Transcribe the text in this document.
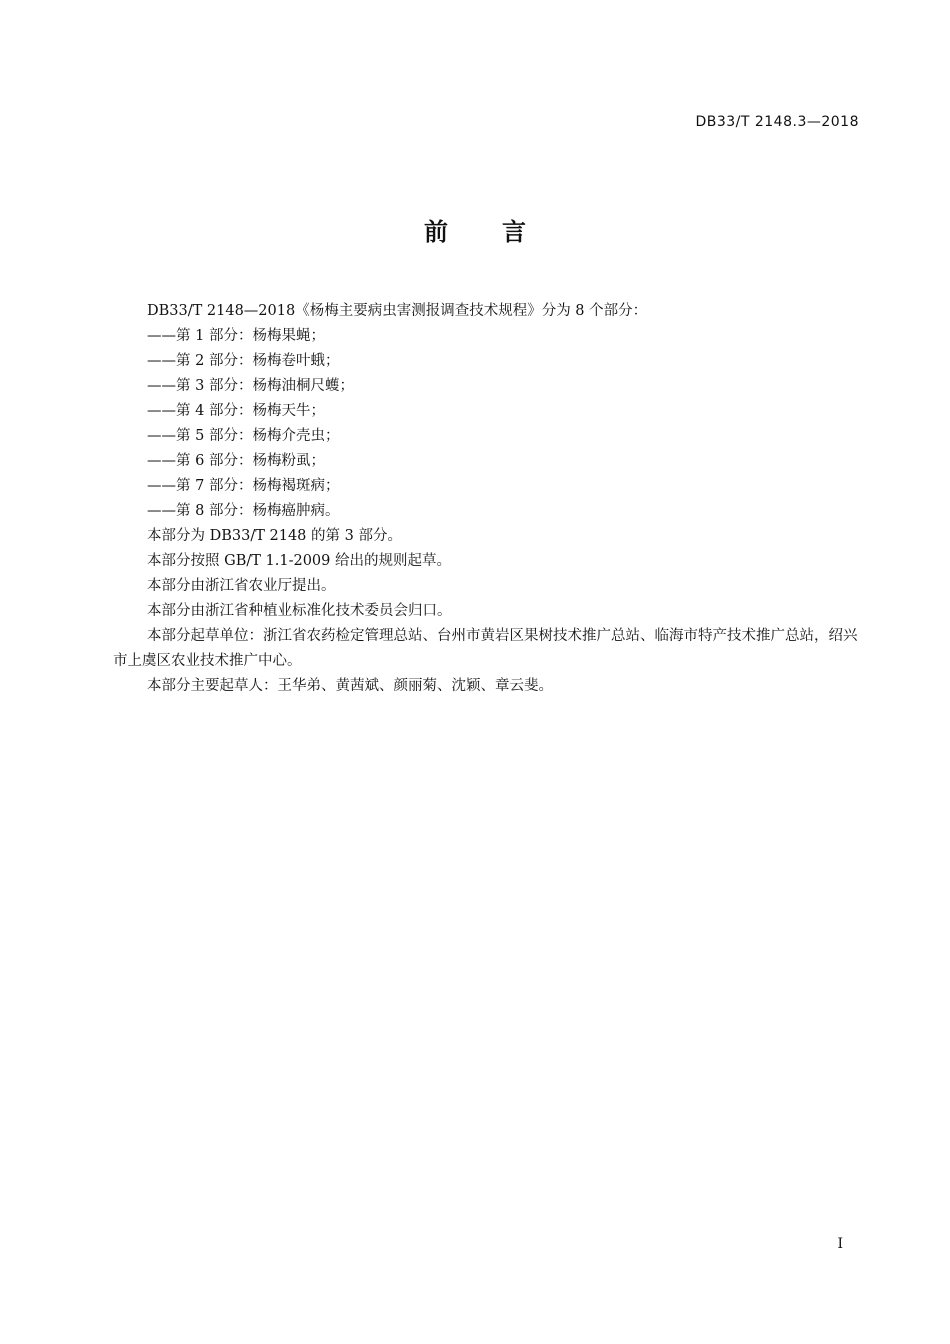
DB33/T 2148.3—2018
前 言

DB33/T 2148—2018《杨梅主要病虫害测报调查技术规程》分为 8 个部分：

——第 1 部分：杨梅果蝇；

——第 2 部分：杨梅卷叶蛾；

——第 3 部分：杨梅油桐尺蠖；

——第 4 部分：杨梅天牛；

——第 5 部分：杨梅介壳虫；

——第 6 部分：杨梅粉虱；

——第 7 部分：杨梅褐斑病；

——第 8 部分：杨梅癌肿病。

本部分为 DB33/T 2148 的第 3 部分。

本部分按照 GB/T 1.1-2009 给出的规则起草。

本部分由浙江省农业厅提出。

本部分由浙江省种植业标准化技术委员会归口。

本部分起草单位：浙江省农药检定管理总站、台州市黄岩区果树技术推广总站、临海市特产技术推广总站，绍兴市上虞区农业技术推广中心。

本部分主要起草人：王华弟、黄茜斌、颜丽菊、沈颖、章云斐。

I
